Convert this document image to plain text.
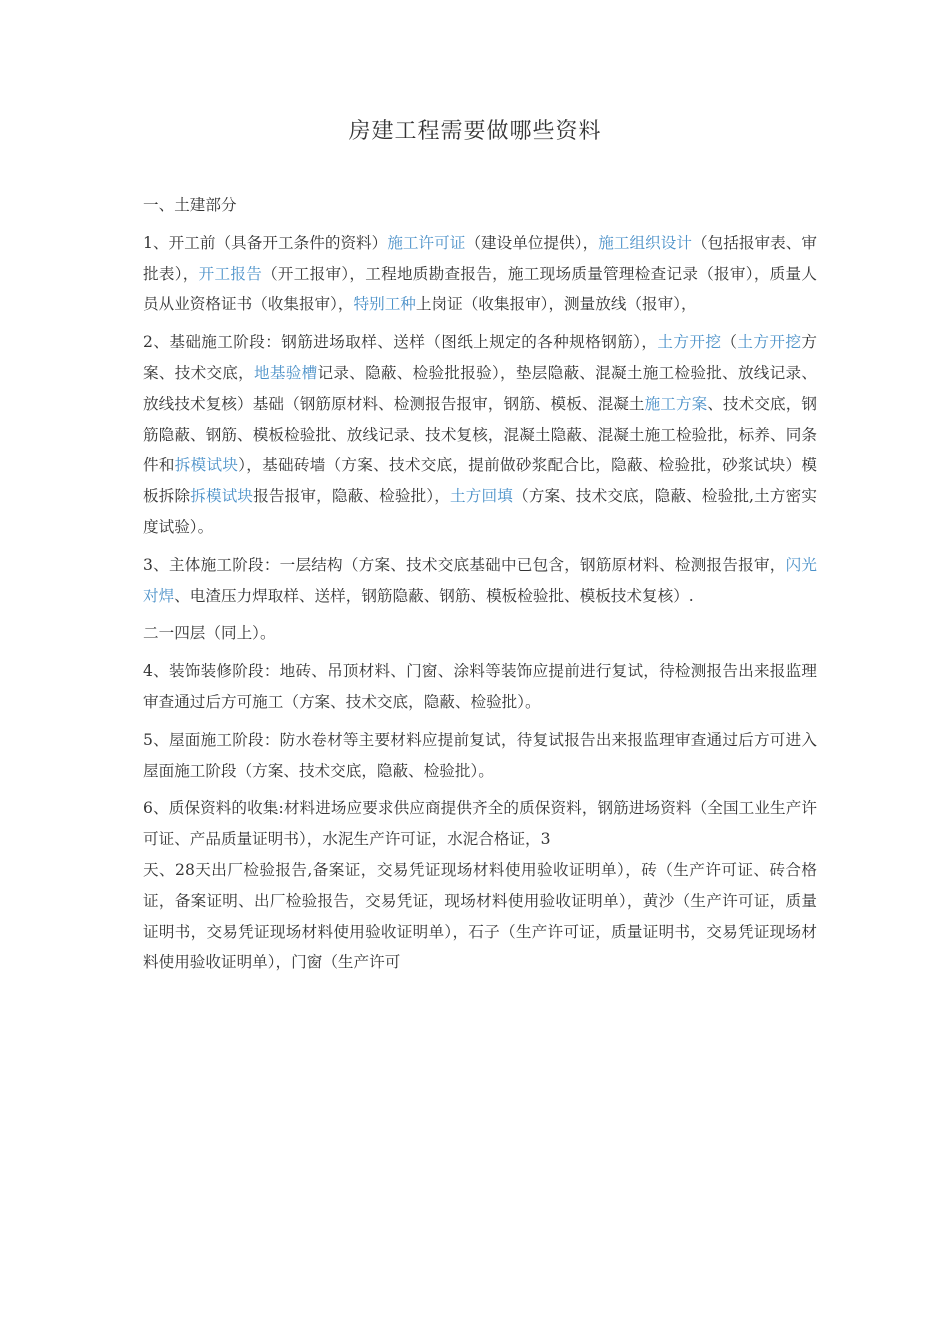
房建工程需要做哪些资料

一、土建部分

1、开工前（具备开工条件的资料）施工许可证（建设单位提供），施工组织设计（包括报审表、审批表），开工报告（开工报审），工程地质勘查报告，施工现场质量管理检查记录（报审），质量人员从业资格证书（收集报审），特别工种上岗证（收集报审），测量放线（报审），

2、基础施工阶段：钢筋进场取样、送样（图纸上规定的各种规格钢筋），土方开挖（土方开挖方案、技术交底，地基验槽记录、隐蔽、检验批报验），垫层隐蔽、混凝土施工检验批、放线记录、放线技术复核）基础（钢筋原材料、检测报告报审，钢筋、模板、混凝土施工方案、技术交底，钢筋隐蔽、钢筋、模板检验批、放线记录、技术复核，混凝土隐蔽、混凝土施工检验批，标养、同条件和拆模试块），基础砖墙（方案、技术交底，提前做砂浆配合比，隐蔽、检验批，砂浆试块）模板拆除拆模试块报告报审，隐蔽、检验批），土方回填（方案、技术交底，隐蔽、检验批,土方密实度试验）。

3、主体施工阶段：一层结构（方案、技术交底基础中已包含，钢筋原材料、检测报告报审，闪光对焊、电渣压力焊取样、送样，钢筋隐蔽、钢筋、模板检验批、模板技术复核）.

二一四层（同上）。

4、装饰装修阶段：地砖、吊顶材料、门窗、涂料等装饰应提前进行复试，待检测报告出来报监理审查通过后方可施工（方案、技术交底，隐蔽、检验批）。

5、屋面施工阶段：防水卷材等主要材料应提前复试，待复试报告出来报监理审查通过后方可进入屋面施工阶段（方案、技术交底，隐蔽、检验批）。

6、质保资料的收集:材料进场应要求供应商提供齐全的质保资料，钢筋进场资料（全国工业生产许可证、产品质量证明书），水泥生产许可证，水泥合格证，3

天、28天出厂检验报告,备案证，交易凭证现场材料使用验收证明单），砖（生产许可证、砖合格证，备案证明、出厂检验报告，交易凭证，现场材料使用验收证明单），黄沙（生产许可证，质量证明书，交易凭证现场材料使用验收证明单），石子（生产许可证，质量证明书，交易凭证现场材料使用验收证明单），门窗（生产许可
